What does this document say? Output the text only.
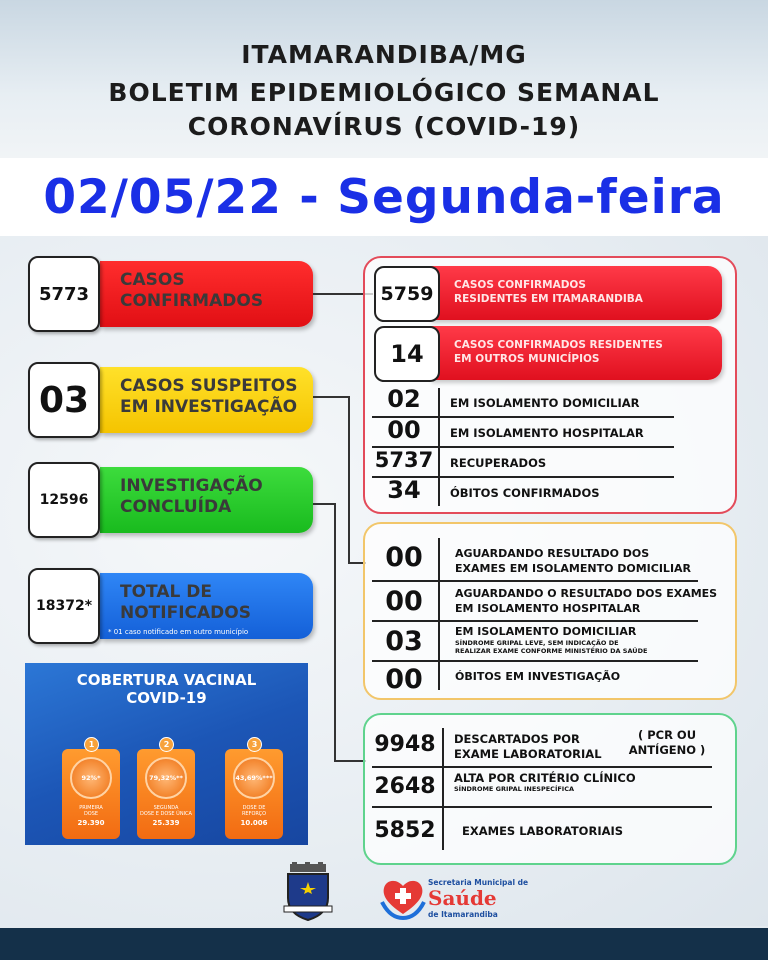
ITAMARANDIBA/MG
BOLETIM EPIDEMIOLÓGICO SEMANAL
CORONAVÍRUS (COVID-19)
02/05/22 - Segunda-feira
5773
CASOS
CONFIRMADOS
03	CASOS SUSPEITOS
EM INVESTIGAÇÃO
12596
INVESTIGAÇÃO
CONCLUÍDA
18372*
TOTAL DE
NOTIFICADOS
* 01 caso notificado em outro município
CASOS CONFIRMADOS
RESIDENTES EM ITAMARANDIBA
5759
CASOS CONFIRMADOS RESIDENTES
EM OUTROS MUNICÍPIOS
14
02	EM ISOLAMENTO DOMICILIAR
00	EM ISOLAMENTO HOSPITALAR
5737	RECUPERADOS
34	ÓBITOS CONFIRMADOS
00	AGUARDANDO RESULTADO DOS
EXAMES EM ISOLAMENTO DOMICILIAR
00	AGUARDANDO O RESULTADO DOS EXAMES
EM ISOLAMENTO HOSPITALAR
03	EM ISOLAMENTO DOMICILIAR
SÍNDROME GRIPAL LEVE, SEM INDICAÇÃO DE
REALIZAR EXAME CONFORME MINISTÉRIO DA SAÚDE
00	ÓBITOS EM INVESTIGAÇÃO
9948	DESCARTADOS POR
EXAME LABORATORIAL
( PCR OU
ANTÍGENO )
2648	ALTA POR CRITÉRIO CLÍNICO
SÍNDROME GRIPAL INESPECÍFICA
5852	EXAMES LABORATORIAIS
COBERTURA VACINAL
COVID-19
1
92%*
PRIMEIRA
DOSE
29.390
2
79,32%**
SEGUNDA
DOSE E DOSE ÚNICA
25.339
3
43,69%***
DOSE DE
REFORÇO
10.006
Secretaria Municipal de
Saúde
de Itamarandiba
